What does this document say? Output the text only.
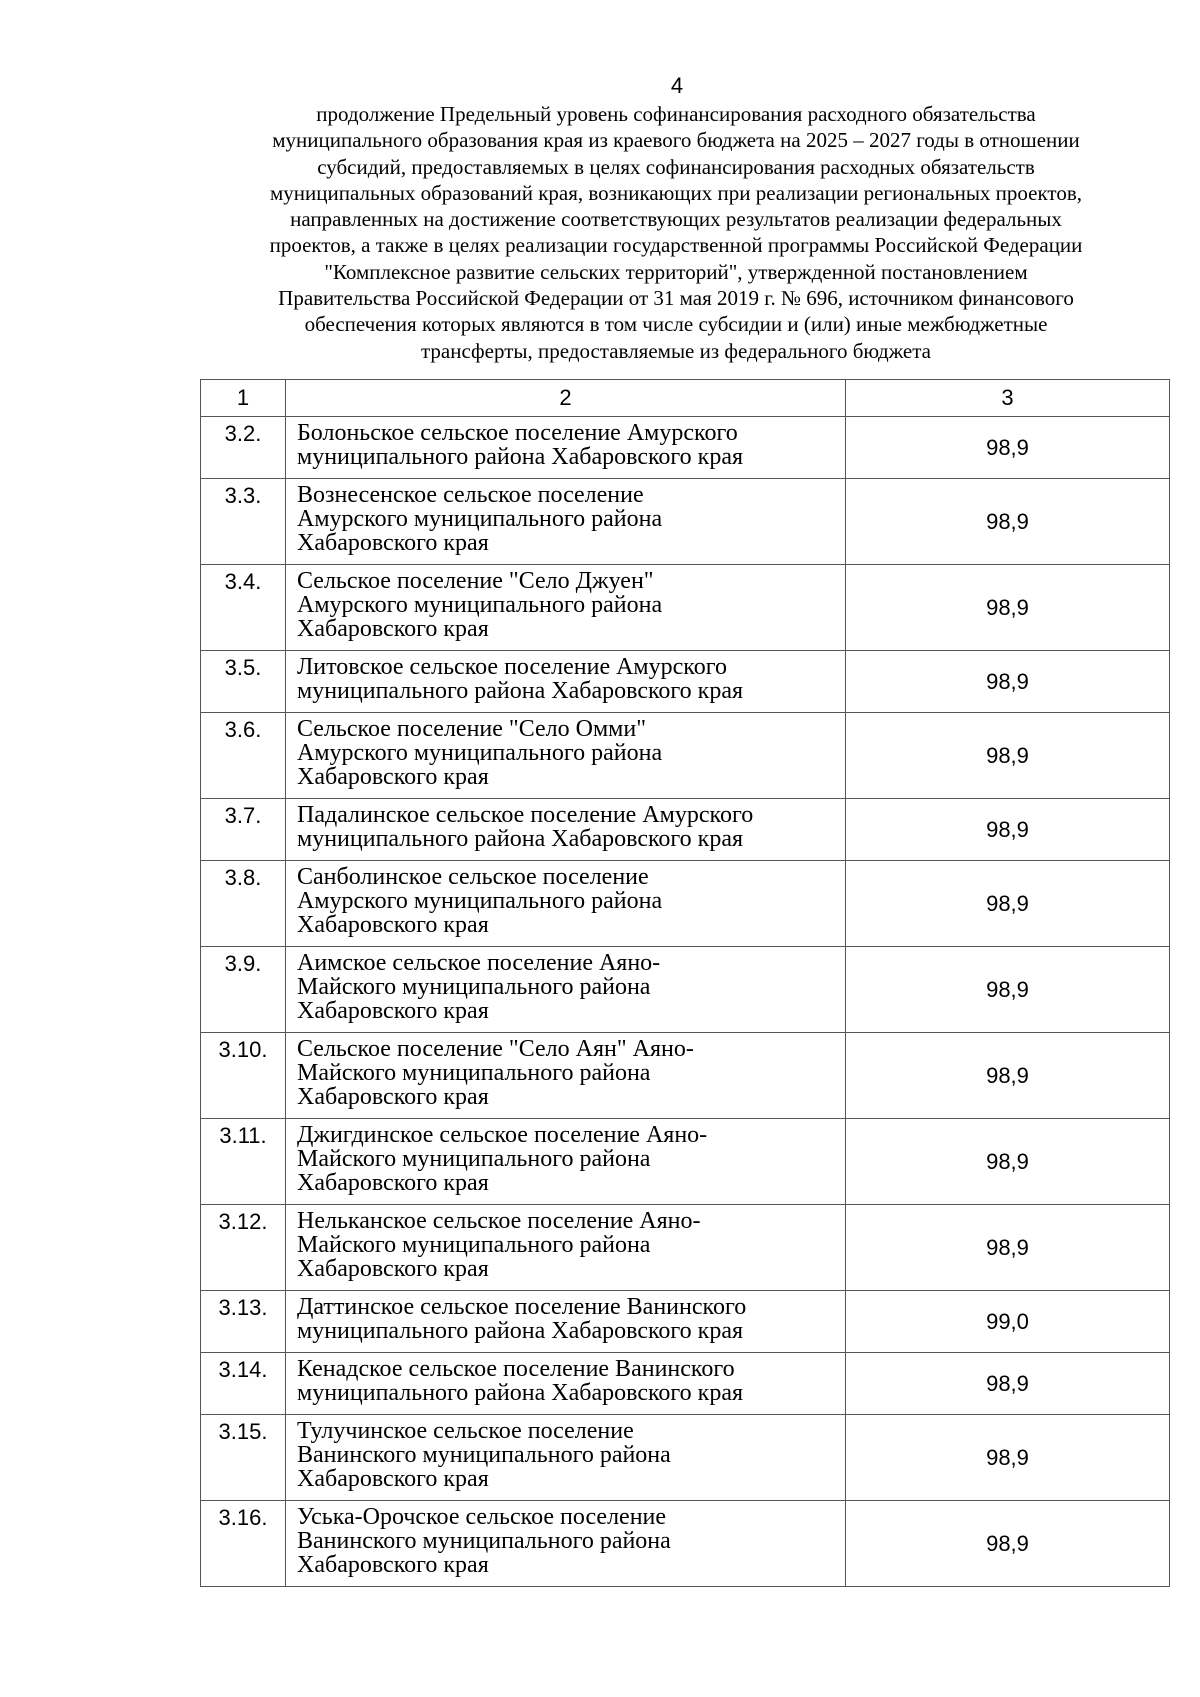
4
продолжение Предельный уровень софинансирования расходного обязательства
муниципального образования края из краевого бюджета на 2025 – 2027 годы в отношении
субсидий, предоставляемых в целях софинансирования расходных обязательств
муниципальных образований края, возникающих при реализации региональных проектов,
направленных на достижение соответствующих результатов реализации федеральных
проектов, а также в целях реализации государственной программы Российской Федерации
"Комплексное развитие сельских территорий", утвержденной постановлением
Правительства Российской Федерации от 31 мая 2019 г. № 696, источником финансового
обеспечения которых являются в том числе субсидии и (или) иные межбюджетные
трансферты, предоставляемые из федерального бюджета
1	2	3
3.2.	Болоньское сельское поселение Амурского
муниципального района Хабаровского края	98,9
3.3.	Вознесенское сельское поселение
Амурского муниципального района
Хабаровского края	98,9
3.4.	Сельское поселение "Село Джуен"
Амурского муниципального района
Хабаровского края	98,9
3.5.	Литовское сельское поселение Амурского
муниципального района Хабаровского края	98,9
3.6.	Сельское поселение "Село Омми"
Амурского муниципального района
Хабаровского края	98,9
3.7.	Падалинское сельское поселение Амурского
муниципального района Хабаровского края	98,9
3.8.	Санболинское сельское поселение
Амурского муниципального района
Хабаровского края	98,9
3.9.	Аимское сельское поселение Аяно-
Майского муниципального района
Хабаровского края	98,9
3.10.	Сельское поселение "Село Аян" Аяно-
Майского муниципального района
Хабаровского края	98,9
3.11.	Джигдинское сельское поселение Аяно-
Майского муниципального района
Хабаровского края	98,9
3.12.	Нельканское сельское поселение Аяно-
Майского муниципального района
Хабаровского края	98,9
3.13.	Даттинское сельское поселение Ванинского
муниципального района Хабаровского края	99,0
3.14.	Кенадское сельское поселение Ванинского
муниципального района Хабаровского края	98,9
3.15.	Тулучинское сельское поселение
Ванинского муниципального района
Хабаровского края	98,9
3.16.	Уська-Орочское сельское поселение
Ванинского муниципального района
Хабаровского края	98,9
